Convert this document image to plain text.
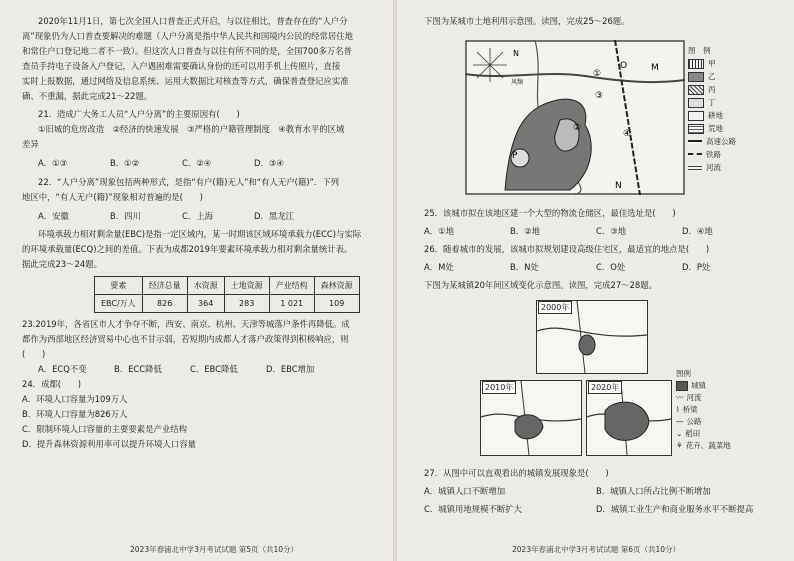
2020年11月1日，第七次全国人口普查正式开启，与以往相比，普查存在的“人户分

离”现象仍为人口普查要解决的难题（人户分离是指中华人民共和国境内公民的经常居住地

和常住户口登记地二者不一致）。但这次人口普查与以往有所不同的是，全国700多万名普

查员手持电子设备入户登记，入户遇困难需要确认身份的还可以用手机上传照片，直接

实时上报数据，通过网络及信息系统、运用大数据比对核查等方式，确保普查登记应实准

确、不重漏，据此完成21～22题。

21．造成广大务工人员“人户分离”的主要原因有(　　)

①旧城的危房改造　②经济的快速发展　③严格的户籍管理制度　④教育水平的区域

差异

A．①③	B．①②	C．②④	D．③④

22．“人户分离”现象包括两种形式，是指“有户(籍)无人”和“有人无户(籍)”．下列

地区中，“有人无户(籍)”现象相对普遍的是(　　)

A．安徽	B．四川	C．上海	D．黑龙江

环境承载力相对剩余量(EBC)是指一定区域内，某一时期该区域环境承载力(ECC)与实际

的环境承载量(ECQ)之间的差值。下表为成都2019年要素环境承载力相对剩余量统计表。

据此完成23～24题。

要素	经济总量	水资源	土地资源	产业结构	森林资源
EBC/万人	826	364	283	1 021	109

23.2019年，各省区市人才争夺不断，西安、南京、杭州、天津等城落户条件再降低。成

都作为西部地区经济贸易中心也不甘示弱，若短期内成都人才落户政策得到积极响应，则

(　　)

A．ECQ不变	B．ECC降低	C．EBC降低	D．EBC增加

24．成都(　　)

A．环境人口容量为109万人

B．环境人口容量为826万人

C．限制环境人口容量的主要要素是产业结构

D．提升森林资源利用率可以提升环境人口容量

2023年春浦北中学3月考试试题 第5页（共10分）

下图为某城市土地利用示意图。读图，完成25～26题。

N
风频
O	M
P
N
①
②
③
④
图　例
甲
乙
丙
丁
耕地
荒地
高速公路
铁路
河流

25．该城市拟在该地区建一个大型的物流仓储区，最佳选址是(　　)

A．①地	B．②地	C．③地	D．④地

26．随着城市的发展，该城市拟规划建设高级住宅区，最适宜的地点是(　　)

A．M处	B．N处	C．O处	D．P处

下图为某城镇20年间区域变化示意图。读图，完成27～28题。

2000年
2010年	2020年
图例
城镇
〰 河流
⌇ 桥梁
— 公路
⌄ 稻田
⚘ 花卉、蔬菜地

27．从图中可以直观看出的城镇发展现象是(　　)

A．城镇人口不断增加	B．城镇人口所占比例不断增加

C．城镇用地规模不断扩大	D．城镇工业生产和商业服务水平不断提高

2023年春浦北中学3月考试试题 第6页（共10分）
